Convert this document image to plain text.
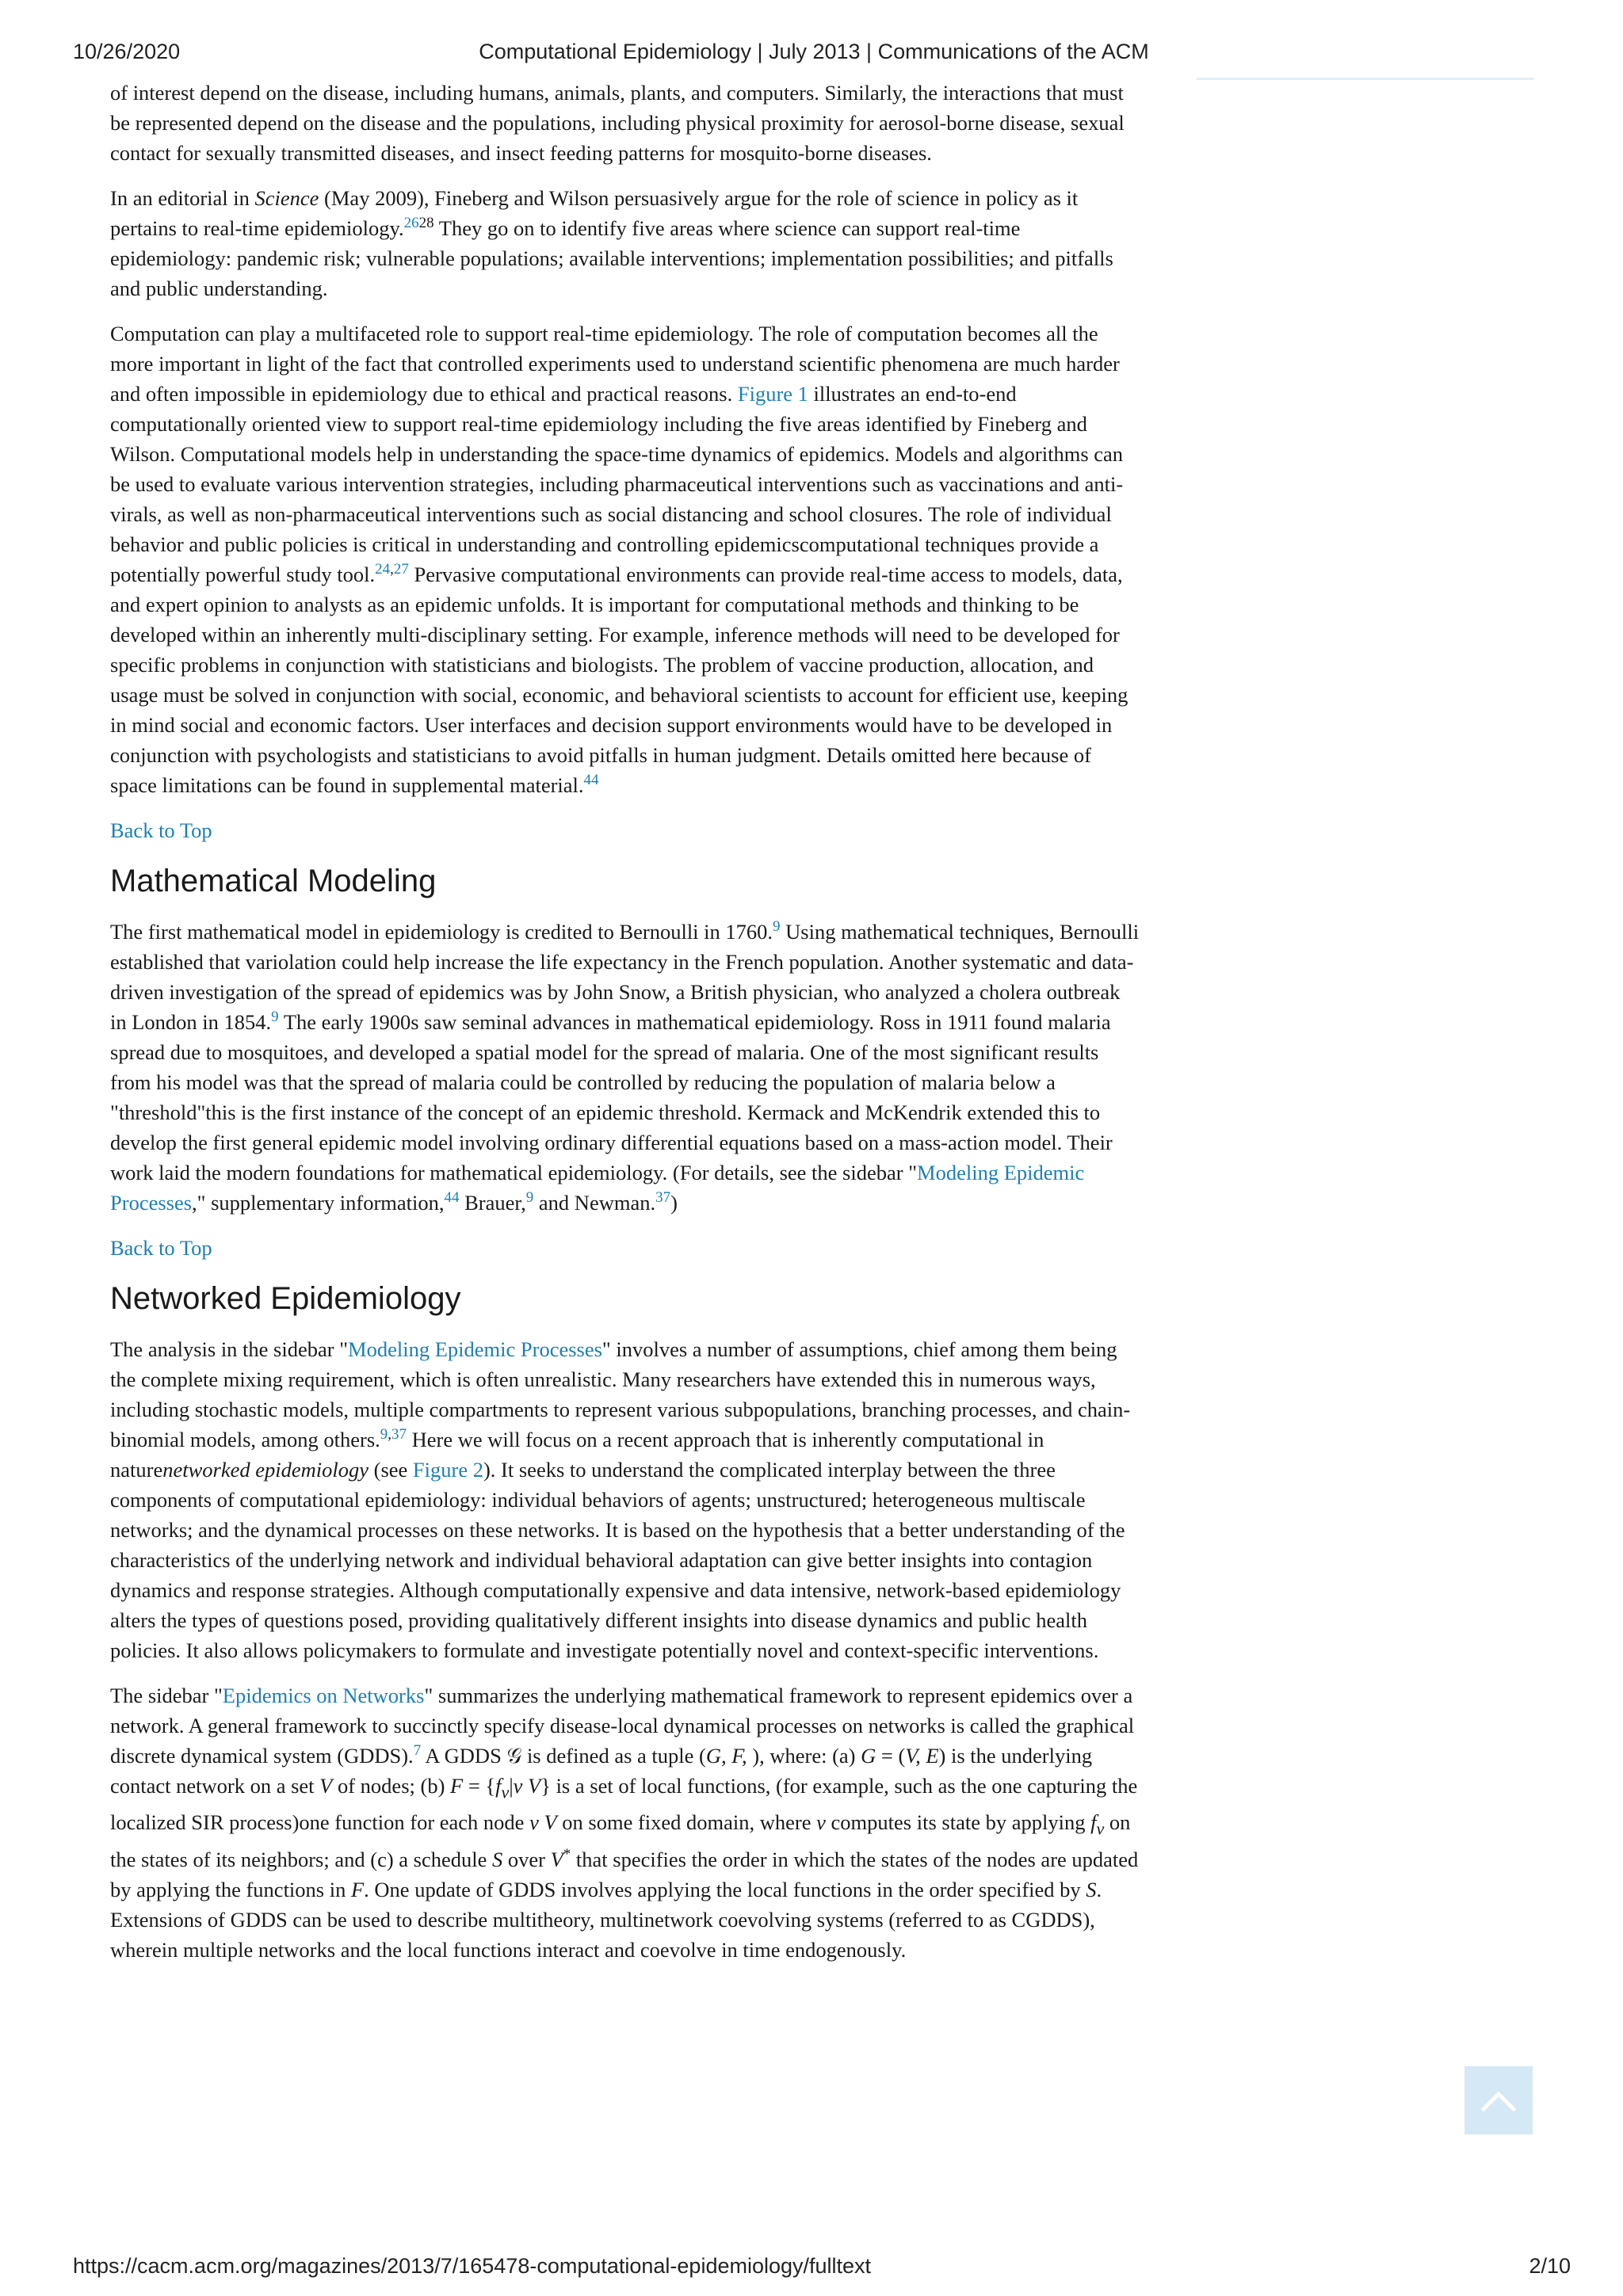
10/26/2020	Computational Epidemiology | July 2013 | Communications of the ACM

of interest depend on the disease, including humans, animals, plants, and computers. Similarly, the interactions that must be represented depend on the disease and the populations, including physical proximity for aerosol-borne disease, sexual contact for sexually transmitted diseases, and insect feeding patterns for mosquito-borne diseases.

In an editorial in Science (May 2009), Fineberg and Wilson persuasively argue for the role of science in policy as it pertains to real-time epidemiology.$^{2628}$ They go on to identify five areas where science can support real-time epidemiology: pandemic risk; vulnerable populations; available interventions; implementation possibilities; and pitfalls and public understanding.

Computation can play a multifaceted role to support real-time epidemiology. The role of computation becomes all the more important in light of the fact that controlled experiments used to understand scientific phenomena are much harder and often impossible in epidemiology due to ethical and practical reasons. Figure 1 illustrates an end-to-end computationally oriented view to support real-time epidemiology including the five areas identified by Fineberg and Wilson. Computational models help in understanding the space-time dynamics of epidemics. Models and algorithms can be used to evaluate various intervention strategies, including pharmaceutical interventions such as vaccinations and anti-virals, as well as non-pharmaceutical interventions such as social distancing and school closures. The role of individual behavior and public policies is critical in understanding and controlling epidemicscomputational techniques provide a potentially powerful study tool.$^{24,27}$ Pervasive computational environments can provide real-time access to models, data, and expert opinion to analysts as an epidemic unfolds. It is important for computational methods and thinking to be developed within an inherently multi-disciplinary setting. For example, inference methods will need to be developed for specific problems in conjunction with statisticians and biologists. The problem of vaccine production, allocation, and usage must be solved in conjunction with social, economic, and behavioral scientists to account for efficient use, keeping in mind social and economic factors. User interfaces and decision support environments would have to be developed in conjunction with psychologists and statisticians to avoid pitfalls in human judgment. Details omitted here because of space limitations can be found in supplemental material.$^{44}$

Back to Top
Mathematical Modeling

The first mathematical model in epidemiology is credited to Bernoulli in 1760.$^9$ Using mathematical techniques, Bernoulli established that variolation could help increase the life expectancy in the French population. Another systematic and data-driven investigation of the spread of epidemics was by John Snow, a British physician, who analyzed a cholera outbreak in London in 1854.$^9$ The early 1900s saw seminal advances in mathematical epidemiology. Ross in 1911 found malaria spread due to mosquitoes, and developed a spatial model for the spread of malaria. One of the most significant results from his model was that the spread of malaria could be controlled by reducing the population of malaria below a "threshold"this is the first instance of the concept of an epidemic threshold. Kermack and McKendrik extended this to develop the first general epidemic model involving ordinary differential equations based on a mass-action model. Their work laid the modern foundations for mathematical epidemiology. (For details, see the sidebar "Modeling Epidemic Processes," supplementary information,$^{44}$ Brauer,$^9$ and Newman.$^{37}$)

Back to Top
Networked Epidemiology

The analysis in the sidebar "Modeling Epidemic Processes" involves a number of assumptions, chief among them being the complete mixing requirement, which is often unrealistic. Many researchers have extended this in numerous ways, including stochastic models, multiple compartments to represent various subpopulations, branching processes, and chain-binomial models, among others.$^{9,37}$ Here we will focus on a recent approach that is inherently computational in naturenetworked epidemiology (see Figure 2). It seeks to understand the complicated interplay between the three components of computational epidemiology: individual behaviors of agents; unstructured; heterogeneous multiscale networks; and the dynamical processes on these networks. It is based on the hypothesis that a better understanding of the characteristics of the underlying network and individual behavioral adaptation can give better insights into contagion dynamics and response strategies. Although computationally expensive and data intensive, network-based epidemiology alters the types of questions posed, providing qualitatively different insights into disease dynamics and public health policies. It also allows policymakers to formulate and investigate potentially novel and context-specific interventions.

The sidebar "Epidemics on Networks" summarizes the underlying mathematical framework to represent epidemics over a network. A general framework to succinctly specify disease-local dynamical processes on networks is called the graphical discrete dynamical system (GDDS).$^7$ A GDDS 𝒢 is defined as a tuple (G, F, ), where: (a) G = (V, E) is the underlying contact network on a set V of nodes; (b) $F = \{f_v|v$ V} is a set of local functions, (for example, such as the one capturing the localized SIR process)one function for each node v V on some fixed domain, where v computes its state by applying $f_v$ on the states of its neighbors; and (c) a schedule S over V* that specifies the order in which the states of the nodes are updated by applying the functions in F. One update of GDDS involves applying the local functions in the order specified by S. Extensions of GDDS can be used to describe multitheory, multinetwork coevolving systems (referred to as CGDDS), wherein multiple networks and the local functions interact and coevolve in time endogenously.

https://cacm.acm.org/magazines/2013/7/165478-computational-epidemiology/fulltext	2/10
